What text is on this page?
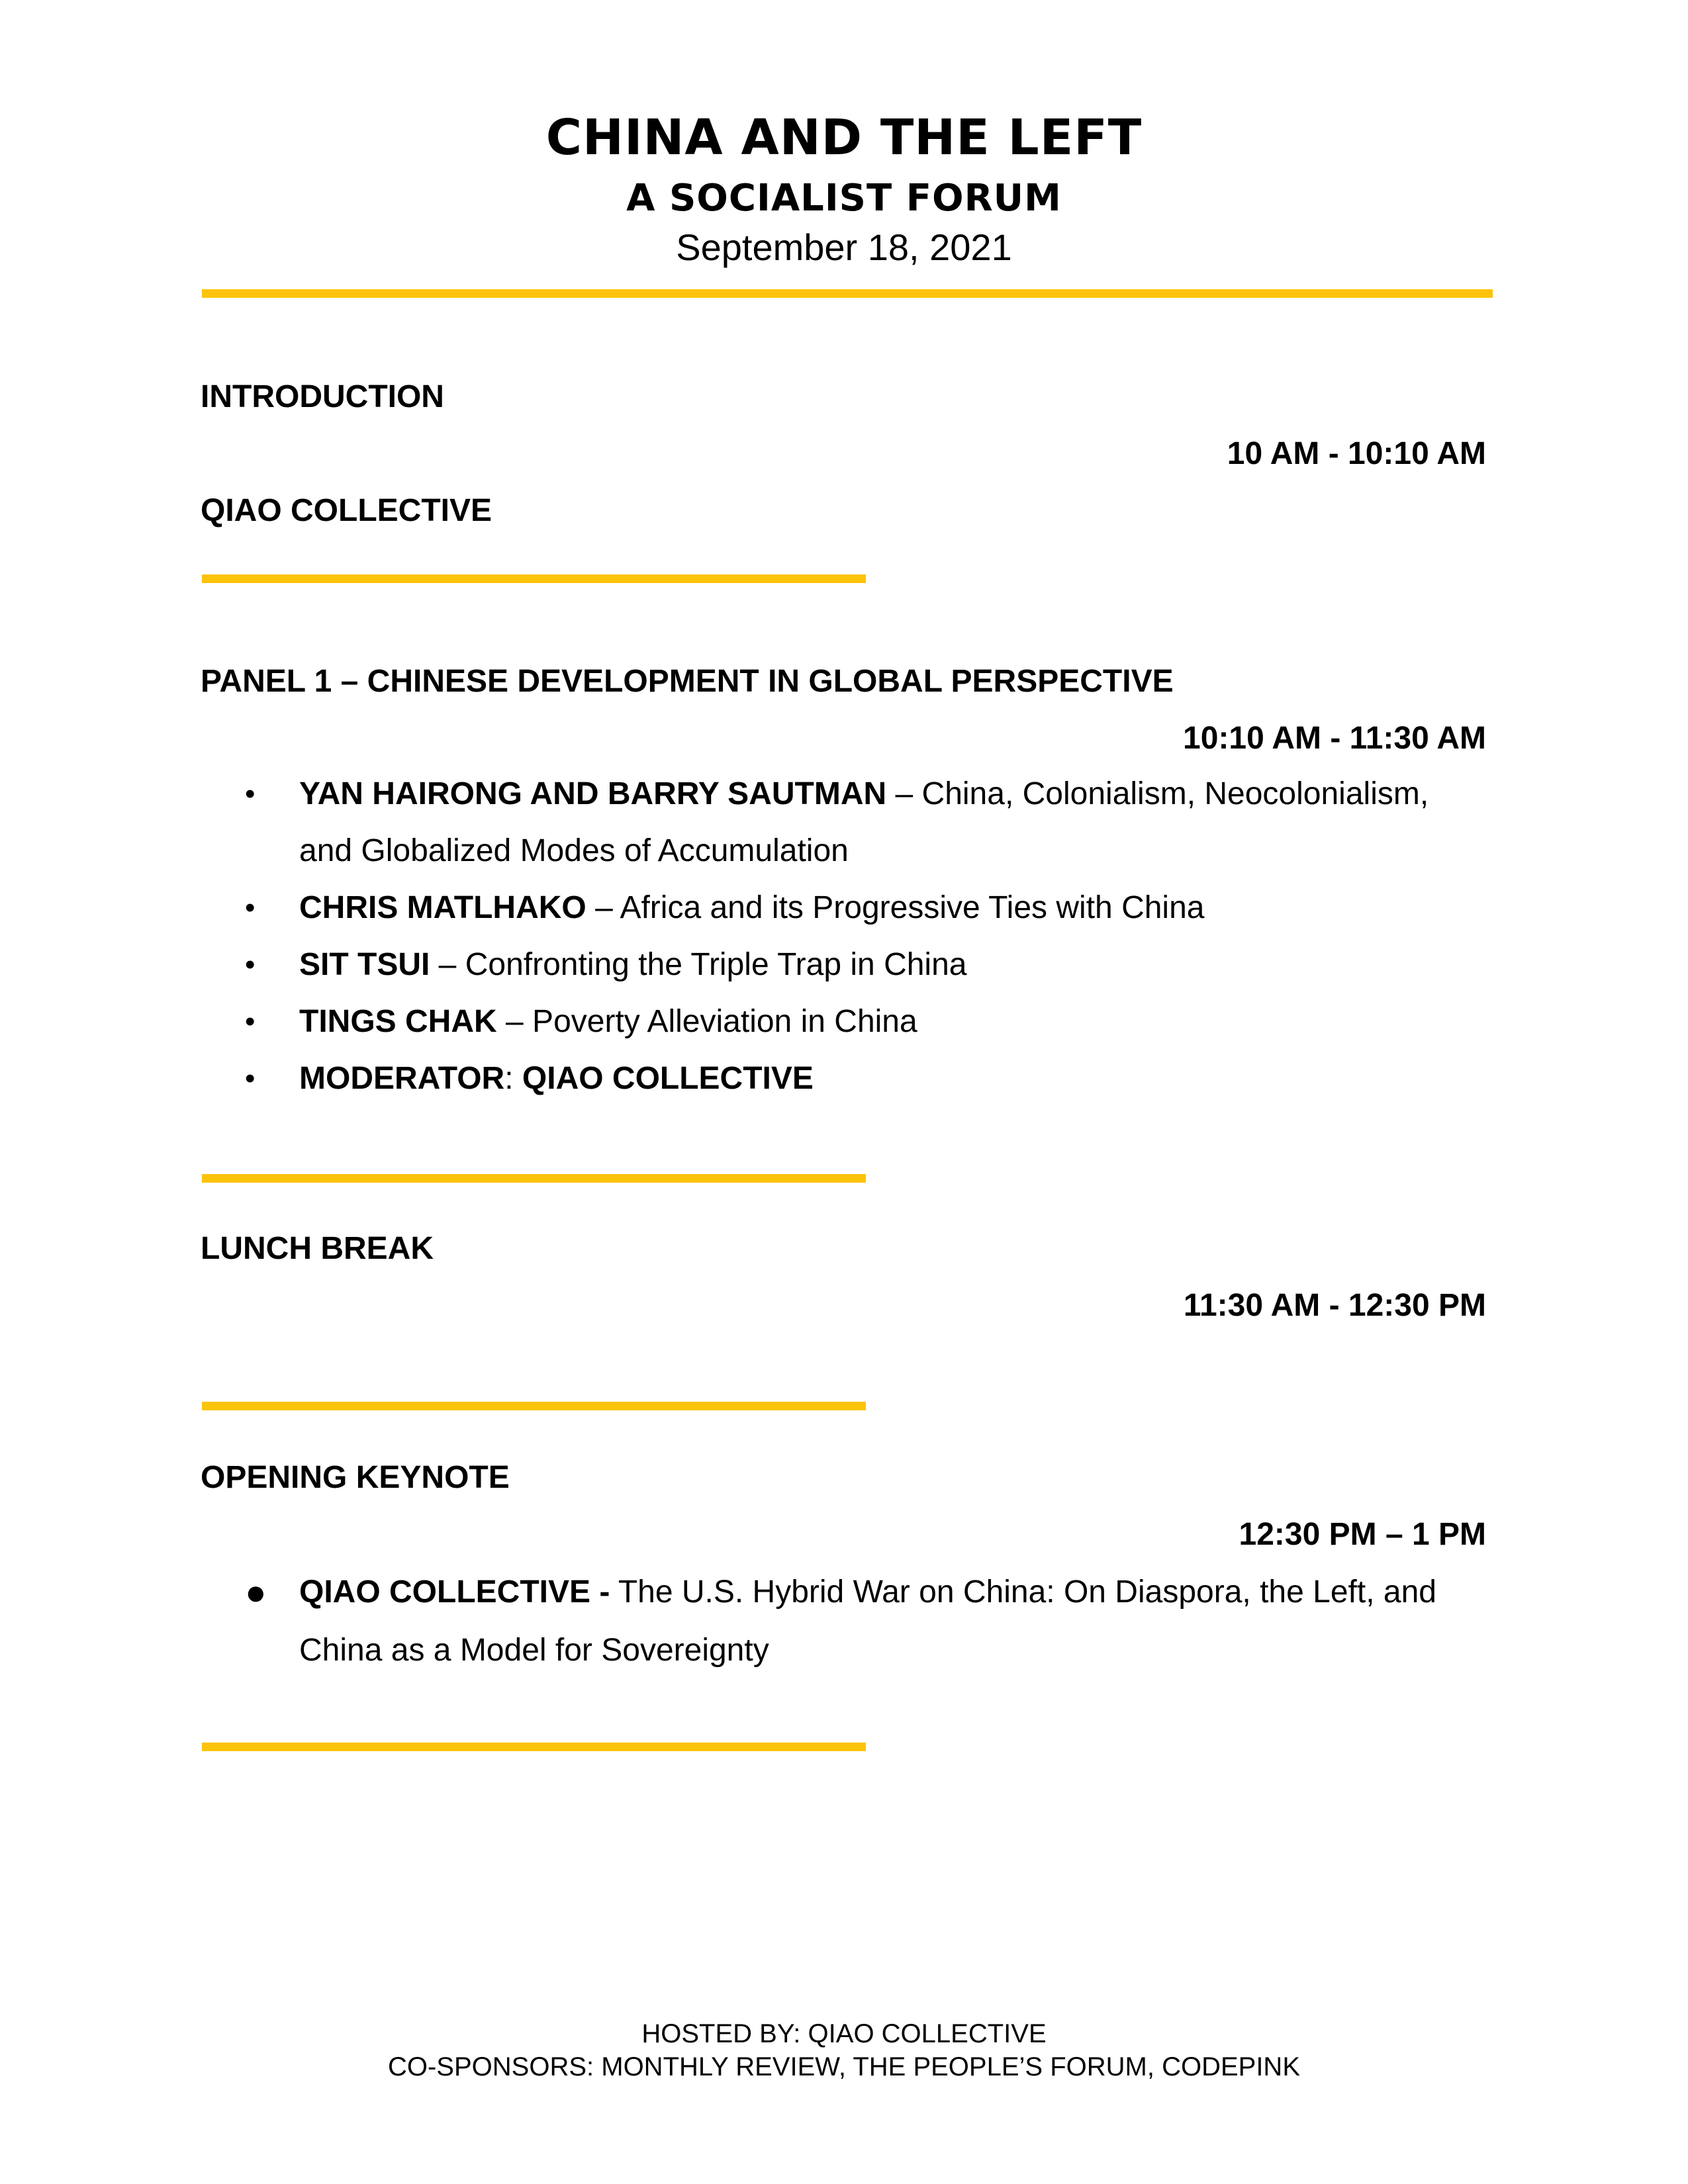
CHINA AND THE LEFT
A SOCIALIST FORUM
September 18, 2021
INTRODUCTION
10 AM - 10:10 AM
QIAO COLLECTIVE
PANEL 1 – CHINESE DEVELOPMENT IN GLOBAL PERSPECTIVE
10:10 AM - 11:30 AM
•	YAN HAIRONG AND BARRY SAUTMAN – China, Colonialism, Neocolonialism,
and Globalized Modes of Accumulation
•	CHRIS MATLHAKO – Africa and its Progressive Ties with China
•	SIT TSUI – Confronting the Triple Trap in China
•	TINGS CHAK – Poverty Alleviation in China
•	MODERATOR: QIAO COLLECTIVE
LUNCH BREAK
11:30 AM - 12:30 PM
OPENING KEYNOTE
12:30 PM – 1 PM
● QIAO COLLECTIVE - The U.S. Hybrid War on China: On Diaspora, the Left, and
China as a Model for Sovereignty
HOSTED BY: QIAO COLLECTIVE
CO-SPONSORS: MONTHLY REVIEW, THE PEOPLE’S FORUM, CODEPINK
